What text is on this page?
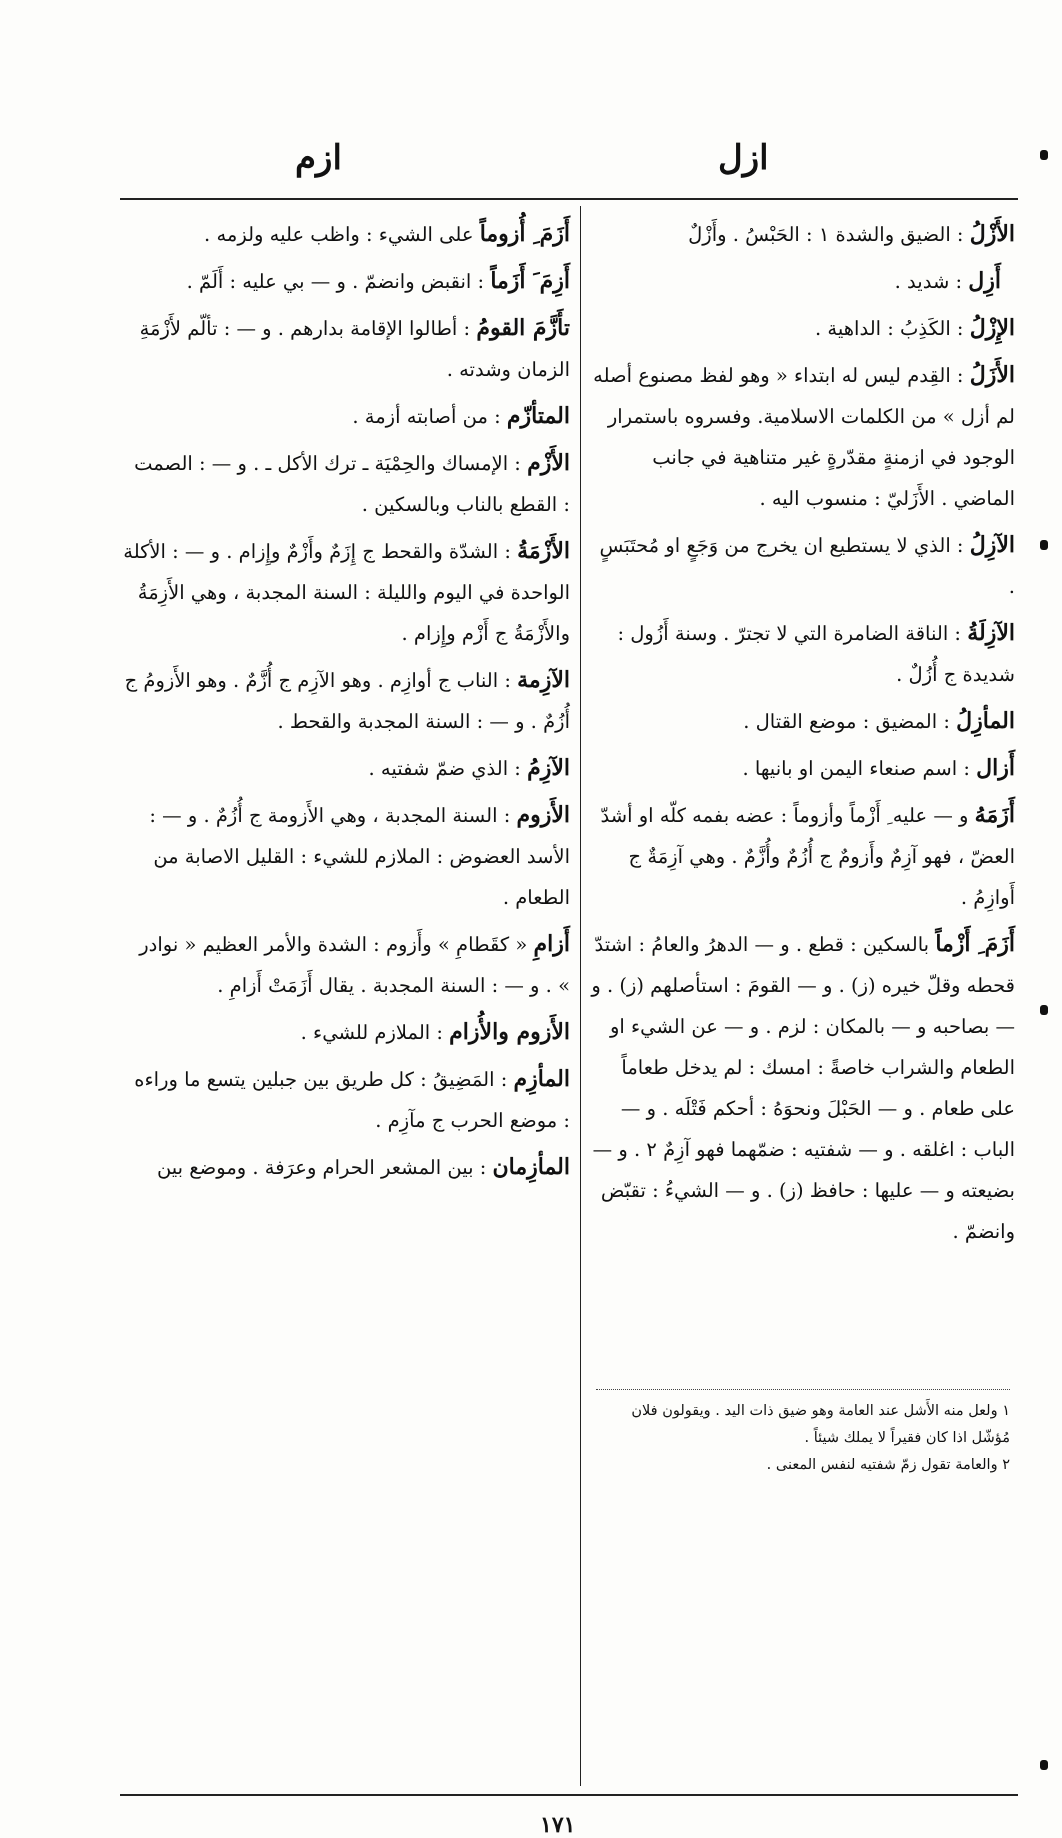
ازل
ازم
الأَزْلُ : الضيق والشدة ١ : الحَبْسُ . وأَزْلٌ
أَزِل : شديد .
الإِزْلُ : الكَذِبُ : الداهية .
الأَزَلُ : القِدم ليس له ابتداء « وهو لفظ مصنوع أصله لم أزل » من الكلمات الاسلامية. وفسروه باستمرار الوجود في ازمنةٍ مقدّرةٍ غير متناهية في جانب الماضي . الأَزَليّ : منسوب اليه .
الآزِلُ : الذي لا يستطيع ان يخرج من وَجَعٍ او مُحتَبَسٍ .
الآزِلَةُ : الناقة الضامرة التي لا تجترّ . وسنة أَزُول : شديدة ج أُزُلٌ .
المأزِلُ : المضيق : موضع القتال .
أَزال : اسم صنعاء اليمن او بانيها .
أَزَمَهُ و — عليه ِ أَزْماً وأزوماً : عضه بفمه كلّه او أشدّ العضّ ، فهو آزِمٌ وأَزومٌ ج أُزُمٌ وأُزَّمٌ . وهي آزِمَةٌ ج أَوازِمُ .
أَزَمَ ِ أَزْماً بالسكين : قطع . و — الدهرُ والعامُ : اشتدّ قحطه وقلّ خيره (ز) . و — القومَ : استأصلهم (ز) . و — بصاحبه و — بالمكان : لزم . و — عن الشيء او الطعام والشراب خاصةً : امسك : لم يدخل طعاماً على طعام . و — الحَبْلَ ونحوَهُ : أحكم فَتْلَه . و — الباب : اغلقه . و — شفتيه : ضمّهما فهو آزِمٌ ٢ . و — بضيعته و — عليها : حافظ (ز) . و — الشيءُ : تقبّض وانضمّ .

١ ولعل منه الأَشل عند العامة وهو ضيق ذات اليد . ويقولون فلان مُؤشّل اذا كان فقيراً لا يملك شيئاً .

٢ والعامة تقول زمّ شفتيه لنفس المعنى .

أَزَمَ ِ أُزوماً على الشيء : واظب عليه ولزمه .
أَزِمَ َ أَزَماً : انقبض وانضمّ . و — بي عليه : أَلَمّ .
تأَزَّمَ القومُ : أطالوا الإقامة بدارهم . و — : تألّم لأَزْمَةِ الزمان وشدته .
المتأزّم : من أصابته أزمة .
الأَزْم : الإمساك والحِمْيَة ـ ترك الأكل ـ . و — : الصمت : القطع بالناب وبالسكين .
الأَزْمَةُ : الشدّة والقحط ج إِزَمٌ وأَزْمٌ وإِزام . و — : الأكلة الواحدة في اليوم والليلة : السنة المجدبة ، وهي الأَزِمَةُ والأَزْمَةُ ج أَزْم وإِزام .
الآزِمة : الناب ج أوازِم . وهو الآزِم ج أُزَّمٌ . وهو الأَزومُ ج أُزُمٌ . و — : السنة المجدبة والقحط .
الآزِمُ : الذي ضمّ شفتيه .
الأَزوم : السنة المجدبة ، وهي الأَزومة ج أُزُمٌ . و — : الأسد العضوض : الملازم للشيء : القليل الاصابة من الطعام .
أَزامِ « كقَطامِ » وأَزوم : الشدة والأمر العظيم « نوادر » . و — : السنة المجدبة . يقال أَزَمَتْ أَزامِ .
الأَزوم والأُزام : الملازم للشيء .
المأزِم : المَضِيقُ : كل طريق بين جبلين يتسع ما وراءه : موضع الحرب ج مآزِم .
المأزِمان : بين المشعر الحرام وعرَفة . وموضع بين
١٧١
